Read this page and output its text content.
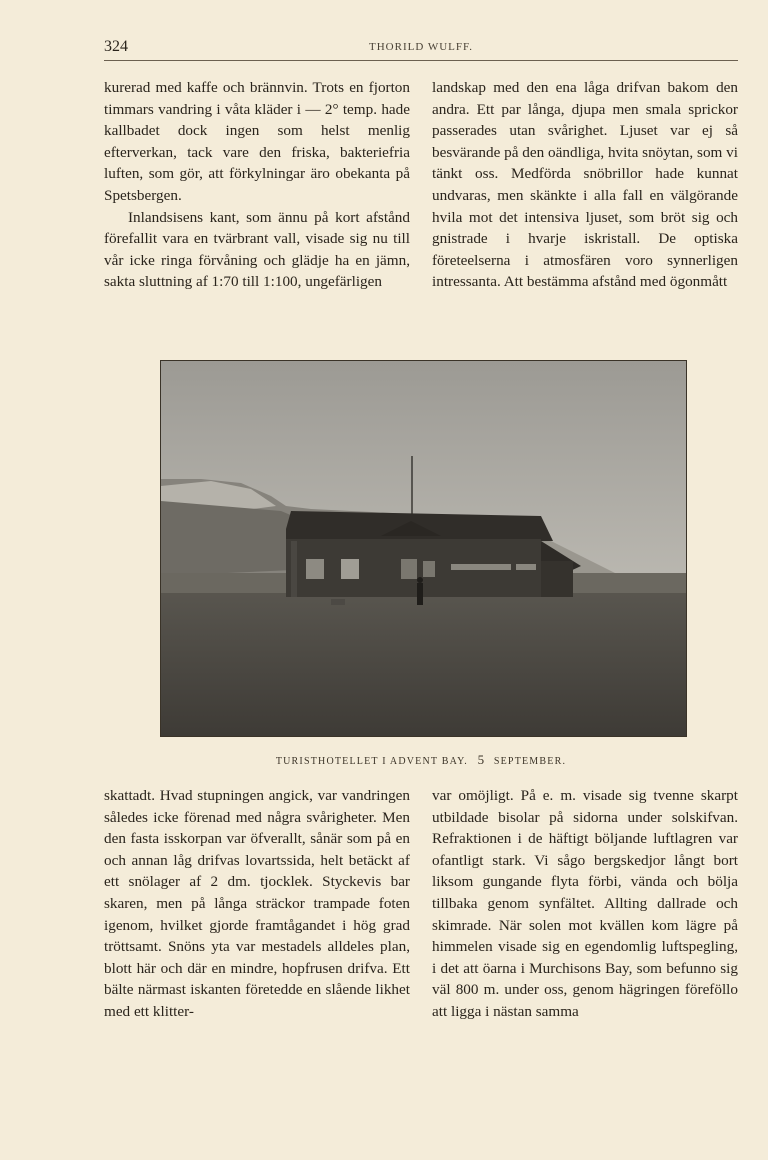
324	THORILD WULFF.

kurerad med kaffe och brännvin. Trots en fjorton timmars vandring i våta kläder i — 2° temp. hade kallbadet dock ingen som helst menlig efterverkan, tack vare den friska, bakteriefria luften, som gör, att förkylningar äro obekanta på Spetsbergen.

Inlandsisens kant, som ännu på kort afstånd förefallit vara en tvärbrant vall, visade sig nu till vår icke ringa förvåning och glädje ha en jämn, sakta sluttning af 1:70 till 1:100, ungefärligen

landskap med den ena låga drifvan bakom den andra. Ett par långa, djupa men smala sprickor passerades utan svårighet. Ljuset var ej så besvärande på den oändliga, hvita snöytan, som vi tänkt oss. Medförda snöbrillor hade kunnat undvaras, men skänkte i alla fall en välgörande hvila mot det intensiva ljuset, som bröt sig och gnistrade i hvarje iskristall. De optiska företeelserna i atmosfären voro synnerligen intressanta. Att bestämma afstånd med ögonmått

TURISTHOTELLET I ADVENT BAY. 5 SEPTEMBER.

skattadt. Hvad stupningen angick, var vandringen således icke förenad med några svårigheter. Men den fasta isskorpan var öfverallt, sånär som på en och annan låg drifvas lovartssida, helt betäckt af ett snölager af 2 dm. tjocklek. Styckevis bar skaren, men på långa sträckor trampade foten igenom, hvilket gjorde framtågandet i hög grad tröttsamt. Snöns yta var mestadels alldeles plan, blott här och där en mindre, hopfrusen drifva. Ett bälte närmast iskanten företedde en slående likhet med ett klitter-

var omöjligt. På e. m. visade sig tvenne skarpt utbildade bisolar på sidorna under solskifvan. Refraktionen i de häftigt böljande luftlagren var ofantligt stark. Vi sågo bergskedjor långt bort liksom gungande flyta förbi, vända och bölja tillbaka genom synfältet. Allting dallrade och skimrade. När solen mot kvällen kom lägre på himmelen visade sig en egendomlig luftspegling, i det att öarna i Murchisons Bay, som befunno sig väl 800 m. under oss, genom hägringen föreföllo att ligga i nästan samma
